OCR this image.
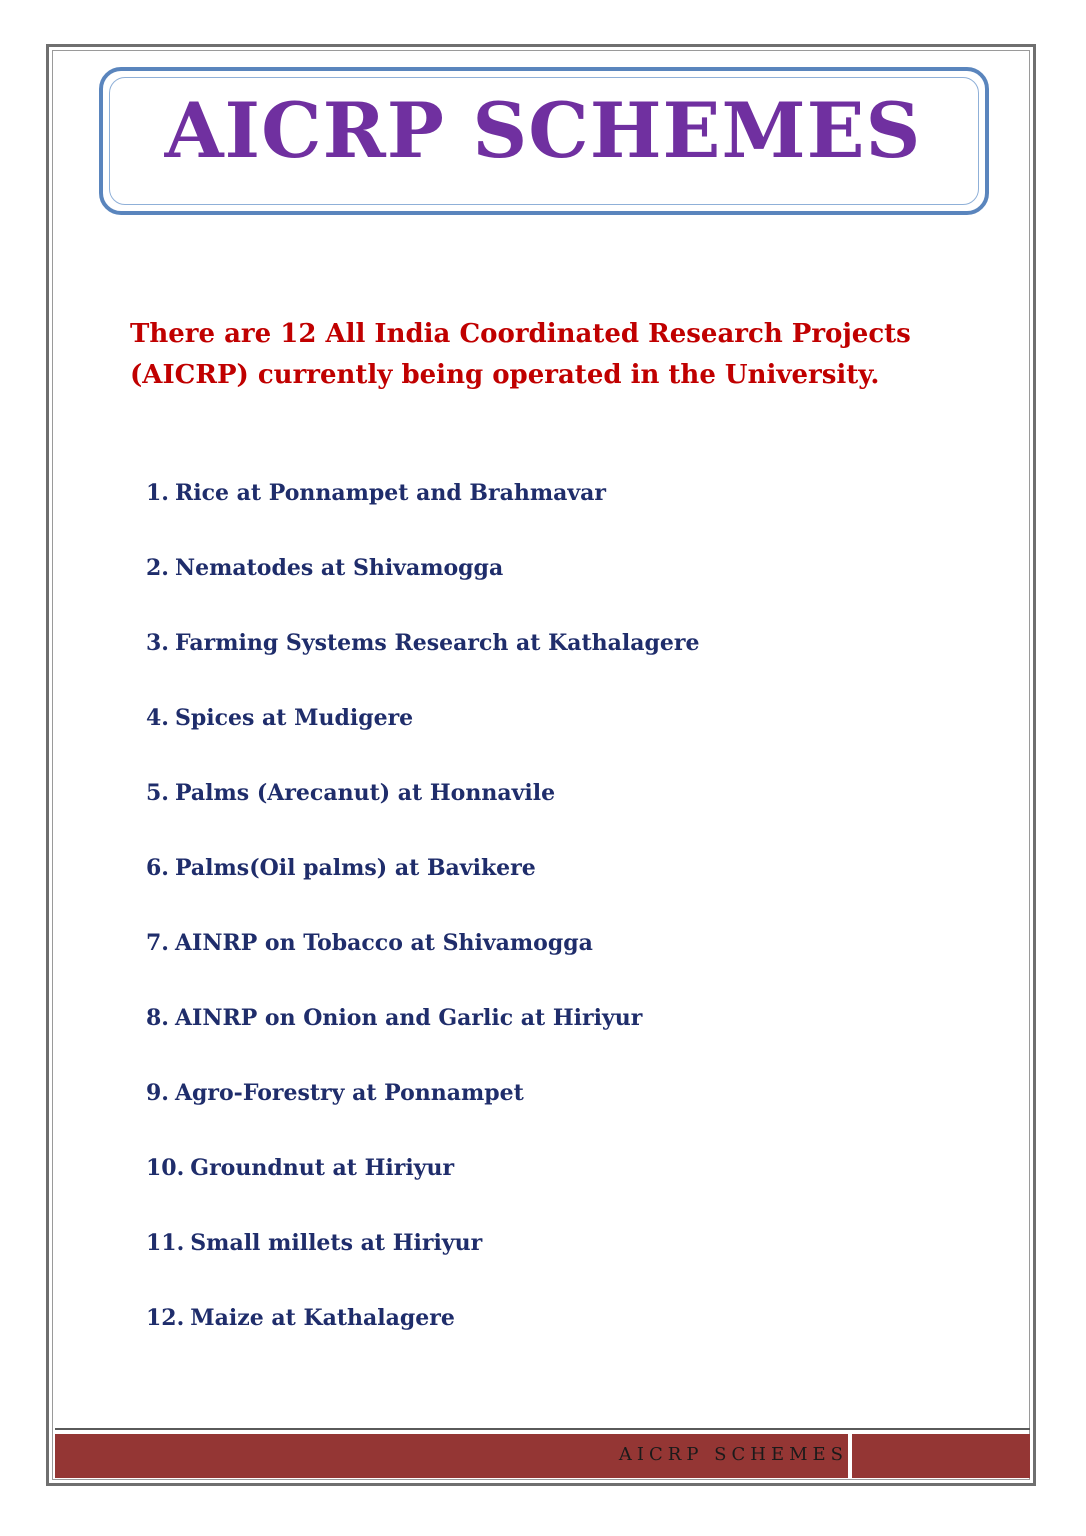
AICRP SCHEMES
There are 12 All India Coordinated Research Projects (AICRP) currently being operated in the University.
1. Rice at Ponnampet and Brahmavar
2. Nematodes at Shivamogga
3. Farming Systems Research at Kathalagere
4. Spices at Mudigere
5. Palms (Arecanut) at Honnavile
6. Palms(Oil palms) at Bavikere
7. AINRP on Tobacco at Shivamogga
8. AINRP on Onion and Garlic at Hiriyur
9. Agro-Forestry at Ponnampet
10. Groundnut at Hiriyur
11. Small millets at Hiriyur
12. Maize at Kathalagere
AICRP SCHEMES
